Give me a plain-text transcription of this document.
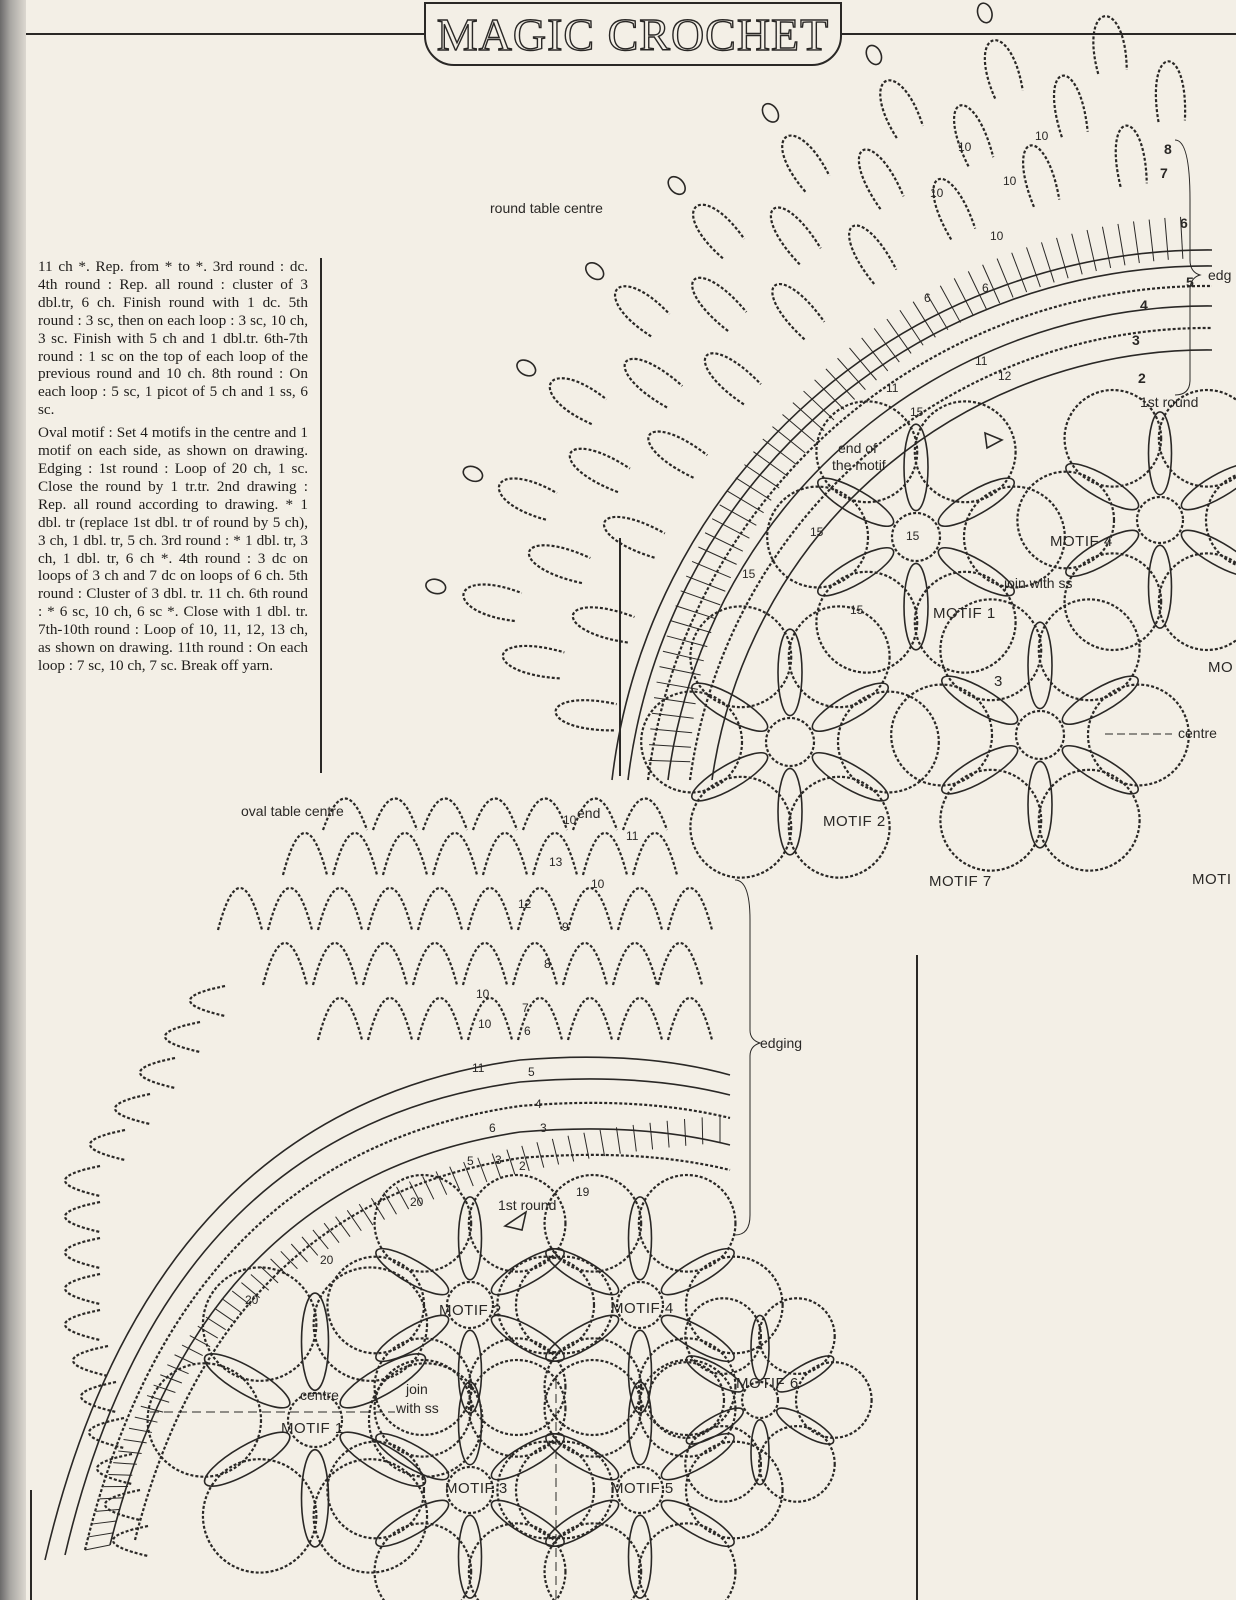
MAGIC CROCHET

11 ch *. Rep. from * to *. 3rd round : dc. 4th round : Rep. all round : cluster of 3 dbl.tr, 6 ch. Finish round with 1 dc. 5th round : 3 sc, then on each loop : 3 sc, 10 ch, 3 sc. Finish with 5 ch and 1 dbl.tr. 6th-7th round : 1 sc on the top of each loop of the previous round and 10 ch. 8th round : On each loop : 5 sc, 1 picot of 5 ch and 1 ss, 6 sc.

Oval motif : Set 4 motifs in the centre and 1 motif on each side, as shown on drawing. Edging : 1st round : Loop of 20 ch, 1 sc. Close the round by 1 tr.tr. 2nd drawing : Rep. all round according to drawing. * 1 dbl. tr (replace 1st dbl. tr of round by 5 ch), 3 ch, 1 dbl. tr, 5 ch. 3rd round : * 1 dbl. tr, 3 ch, 1 dbl. tr, 6 ch *. 4th round : 3 dc on loops of 3 ch and 7 dc on loops of 6 ch. 5th round : Cluster of 3 dbl. tr. 11 ch. 6th round : * 6 sc, 10 ch, 6 sc *. Close with 1 dbl. tr. 7th-10th round : Loop of 10, 11, 12, 13 ch, as shown on drawing. 11th round : On each loop : 7 sc, 10 ch, 7 sc. Break off yarn.

round table centre
edg
end of the motif
join with ss
1st round
centre
MOTIF 1
MOTIF 2
MOTIF 4
MOTIF 7	MOTI
MO
3
2
3
4
5
6
7
8
10
10
10
10
10
6
6
11
11
12
15
15
15
15
15
oval table centre
edging
end
1st round
centre	join with ss
MOTIF 1
MOTIF 2
MOTIF 3
MOTIF 4
MOTIF 5
MOTIF 6
2
3
4
5
6
7
8
9
10
11
13
10
12
10
10
11
6
5 3
19
20
20
20
